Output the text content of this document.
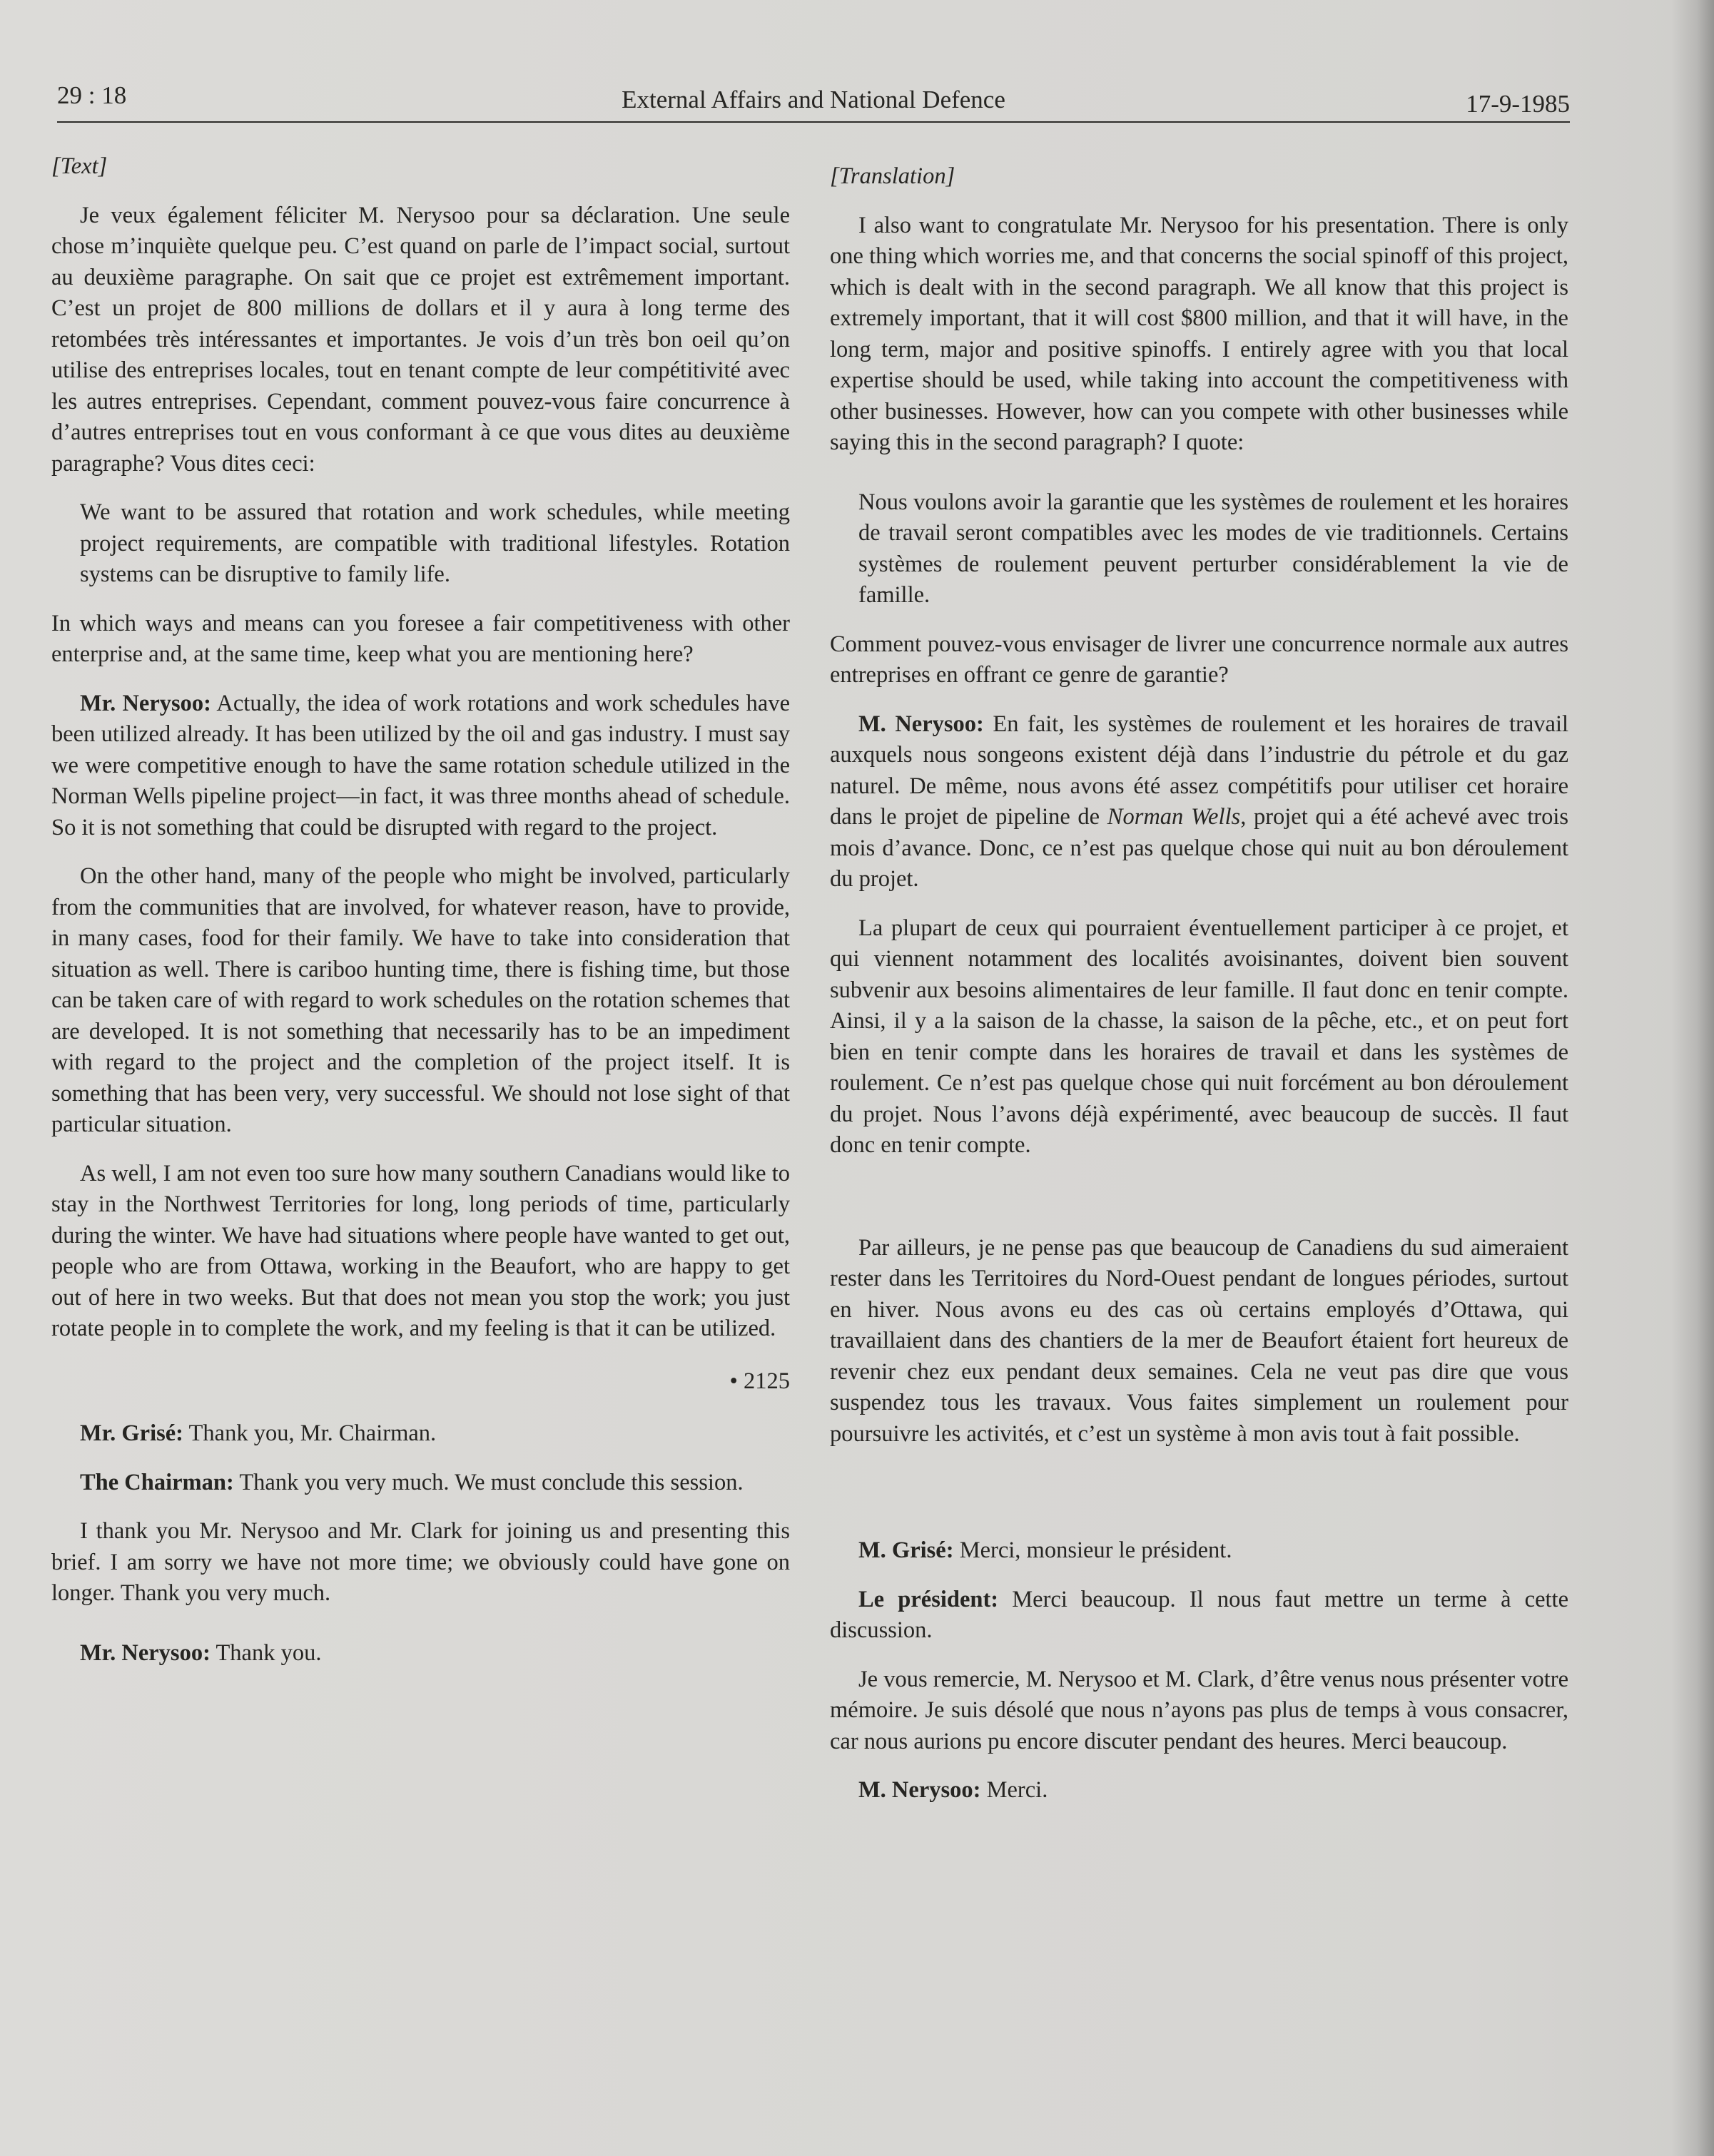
29 : 18	External Affairs and National Defence	17-9-1985

[Text]

Je veux également féliciter M. Nerysoo pour sa déclaration. Une seule chose m’inquiète quelque peu. C’est quand on parle de l’impact social, surtout au deuxième paragraphe. On sait que ce projet est extrêmement important. C’est un projet de 800 millions de dollars et il y aura à long terme des retombées très intéressantes et importantes. Je vois d’un très bon oeil qu’on utilise des entreprises locales, tout en tenant compte de leur compétitivité avec les autres entreprises. Cependant, comment pouvez-vous faire concurrence à d’autres entreprises tout en vous conformant à ce que vous dites au deuxième paragraphe? Vous dites ceci:

We want to be assured that rotation and work schedules, while meeting project requirements, are compatible with traditional lifestyles. Rotation systems can be disruptive to family life.

In which ways and means can you foresee a fair competitiveness with other enterprise and, at the same time, keep what you are mentioning here?

Mr. Nerysoo: Actually, the idea of work rotations and work schedules have been utilized already. It has been utilized by the oil and gas industry. I must say we were competitive enough to have the same rotation schedule utilized in the Norman Wells pipeline project—in fact, it was three months ahead of schedule. So it is not something that could be disrupted with regard to the project.

On the other hand, many of the people who might be involved, particularly from the communities that are involved, for whatever reason, have to provide, in many cases, food for their family. We have to take into consideration that situation as well. There is cariboo hunting time, there is fishing time, but those can be taken care of with regard to work schedules on the rotation schemes that are developed. It is not something that necessarily has to be an impediment with regard to the project and the completion of the project itself. It is something that has been very, very successful. We should not lose sight of that particular situation.

As well, I am not even too sure how many southern Canadians would like to stay in the Northwest Territories for long, long periods of time, particularly during the winter. We have had situations where people have wanted to get out, people who are from Ottawa, working in the Beaufort, who are happy to get out of here in two weeks. But that does not mean you stop the work; you just rotate people in to complete the work, and my feeling is that it can be utilized.

• 2125

Mr. Grisé: Thank you, Mr. Chairman.

The Chairman: Thank you very much. We must conclude this session.

I thank you Mr. Nerysoo and Mr. Clark for joining us and presenting this brief. I am sorry we have not more time; we obviously could have gone on longer. Thank you very much.

Mr. Nerysoo: Thank you.

[Translation]

I also want to congratulate Mr. Nerysoo for his presentation. There is only one thing which worries me, and that concerns the social spinoff of this project, which is dealt with in the second paragraph. We all know that this project is extremely important, that it will cost $800 million, and that it will have, in the long term, major and positive spinoffs. I entirely agree with you that local expertise should be used, while taking into account the competitiveness with other businesses. However, how can you compete with other businesses while saying this in the second paragraph? I quote:

Nous voulons avoir la garantie que les systèmes de roulement et les horaires de travail seront compatibles avec les modes de vie traditionnels. Certains systèmes de roulement peuvent perturber considérablement la vie de famille.

Comment pouvez-vous envisager de livrer une concurrence normale aux autres entreprises en offrant ce genre de garantie?

M. Nerysoo: En fait, les systèmes de roulement et les horaires de travail auxquels nous songeons existent déjà dans l’industrie du pétrole et du gaz naturel. De même, nous avons été assez compétitifs pour utiliser cet horaire dans le projet de pipeline de Norman Wells, projet qui a été achevé avec trois mois d’avance. Donc, ce n’est pas quelque chose qui nuit au bon déroulement du projet.

La plupart de ceux qui pourraient éventuellement participer à ce projet, et qui viennent notamment des localités avoisinantes, doivent bien souvent subvenir aux besoins alimentaires de leur famille. Il faut donc en tenir compte. Ainsi, il y a la saison de la chasse, la saison de la pêche, etc., et on peut fort bien en tenir compte dans les horaires de travail et dans les systèmes de roulement. Ce n’est pas quelque chose qui nuit forcément au bon déroulement du projet. Nous l’avons déjà expérimenté, avec beaucoup de succès. Il faut donc en tenir compte.

Par ailleurs, je ne pense pas que beaucoup de Canadiens du sud aimeraient rester dans les Territoires du Nord-Ouest pendant de longues périodes, surtout en hiver. Nous avons eu des cas où certains employés d’Ottawa, qui travaillaient dans des chantiers de la mer de Beaufort étaient fort heureux de revenir chez eux pendant deux semaines. Cela ne veut pas dire que vous suspendez tous les travaux. Vous faites simplement un roulement pour poursuivre les activités, et c’est un système à mon avis tout à fait possible.

M. Grisé: Merci, monsieur le président.

Le président: Merci beaucoup. Il nous faut mettre un terme à cette discussion.

Je vous remercie, M. Nerysoo et M. Clark, d’être venus nous présenter votre mémoire. Je suis désolé que nous n’ayons pas plus de temps à vous consacrer, car nous aurions pu encore discuter pendant des heures. Merci beaucoup.

M. Nerysoo: Merci.
